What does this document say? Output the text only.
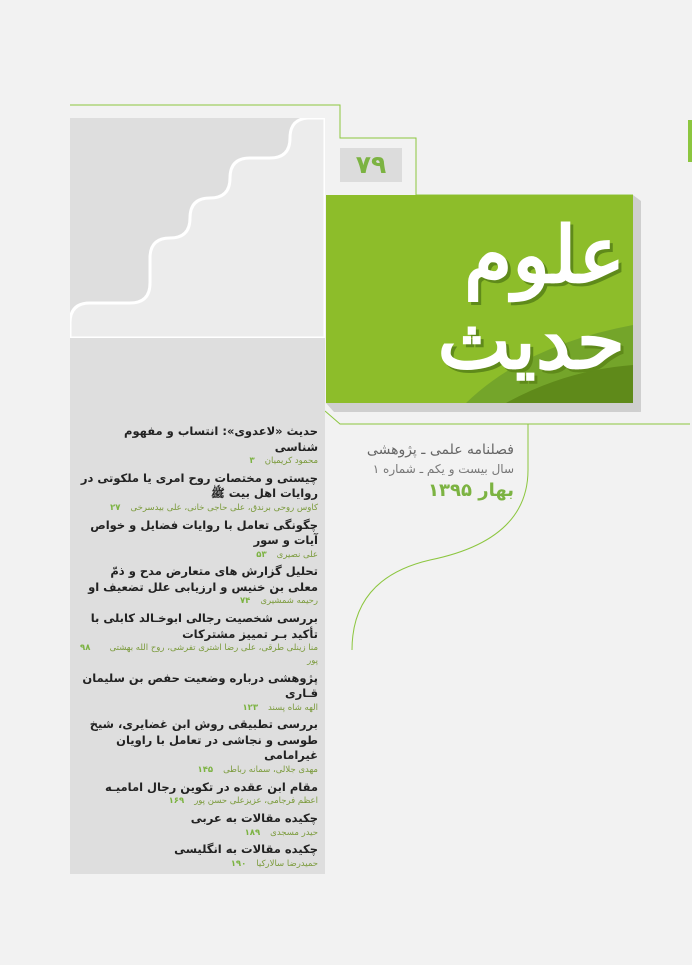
۷۹
علوم حدیث
فصلنامه علمی ـ پژوهشی
سال بیست و یکم ـ شماره ۱
بهار ۱۳۹۵
حدیث «لاعدوی»: انتساب و مفهوم شناسی
محمود کریمیان
۳
چیستی و مختصات روح امری یا ملکوتی در روایات اهل بیت ﷺ
کاوس روحی برندق، علی حاجی خانی، علی بیدسرخی
۲۷
چگونگی تعامل با روایات فضایل و خواص آیات و سور
علی نصیری
۵۳
تحلیل گزارش های متعارض مدح و ذمّ معلی بن خنیس و ارزیابی علل تضعیف او
رحیمه شمشیری
۷۴
بررسی شخصیت رجالی ابوخـالد کابلی با تأکید بـر تمییز مشترکات
منا زینلی طرقی، علی رضا اشتری تفرشی، روح الله بهشتی پور
۹۸
پژوهشی درباره وضعیت حفص بن سلیمان قـاری
الهه شاه پسند
۱۲۳
بررسی تطبیقی روش ابن غضایری، شیخ طوسی و نجاشی در تعامل با راویان غیرامامی
مهدی جلالی، سمانه رباطی
۱۴۵
مقام ابن عقده در تکوین رجال امامیـه
اعظم فرجامی، عزیزعلی حسن پور
۱۶۹
چکیده مقالات به عربی
حیدر مسجدی
۱۸۹
چکیده مقالات به انگلیسی
حمیدرضا سالارکیا
۱۹۰
